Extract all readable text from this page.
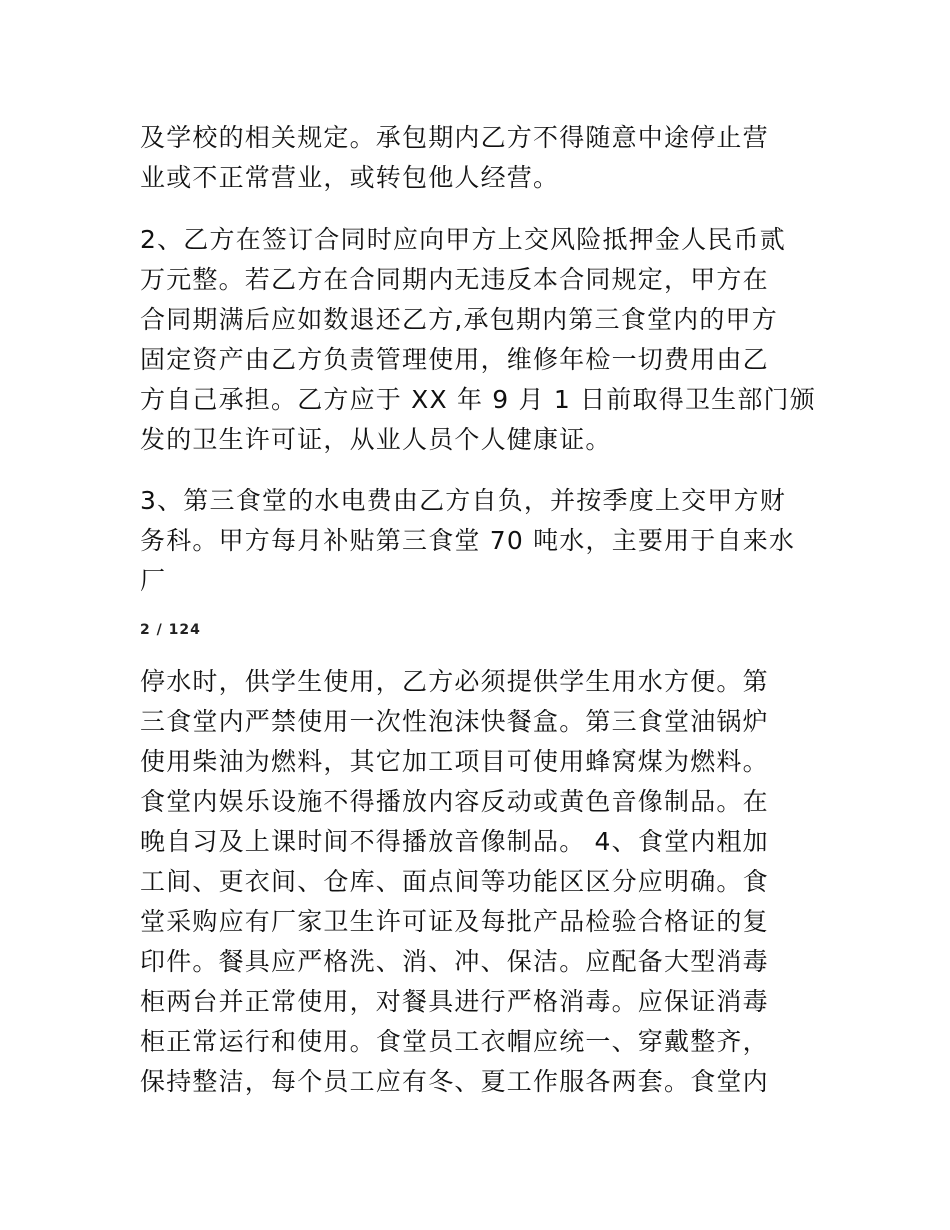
及学校的相关规定。承包期内乙方不得随意中途停止营
业或不正常营业，或转包他人经营。
2、乙方在签订合同时应向甲方上交风险抵押金人民币贰
万元整。若乙方在合同期内无违反本合同规定，甲方在
合同期满后应如数退还乙方,承包期内第三食堂内的甲方
固定资产由乙方负责管理使用，维修年检一切费用由乙
方自己承担。乙方应于 XX 年 9 月 1 日前取得卫生部门颁
发的卫生许可证，从业人员个人健康证。
3、第三食堂的水电费由乙方自负，并按季度上交甲方财
务科。甲方每月补贴第三食堂 70 吨水，主要用于自来水
厂
2 / 124
停水时，供学生使用，乙方必须提供学生用水方便。第
三食堂内严禁使用一次性泡沫快餐盒。第三食堂油锅炉
使用柴油为燃料，其它加工项目可使用蜂窝煤为燃料。
食堂内娱乐设施不得播放内容反动或黄色音像制品。在
晚自习及上课时间不得播放音像制品。 4、食堂内粗加
工间、更衣间、仓库、面点间等功能区区分应明确。食
堂采购应有厂家卫生许可证及每批产品检验合格证的复
印件。餐具应严格洗、消、冲、保洁。应配备大型消毒
柜两台并正常使用，对餐具进行严格消毒。应保证消毒
柜正常运行和使用。食堂员工衣帽应统一、穿戴整齐，
保持整洁，每个员工应有冬、夏工作服各两套。食堂内
